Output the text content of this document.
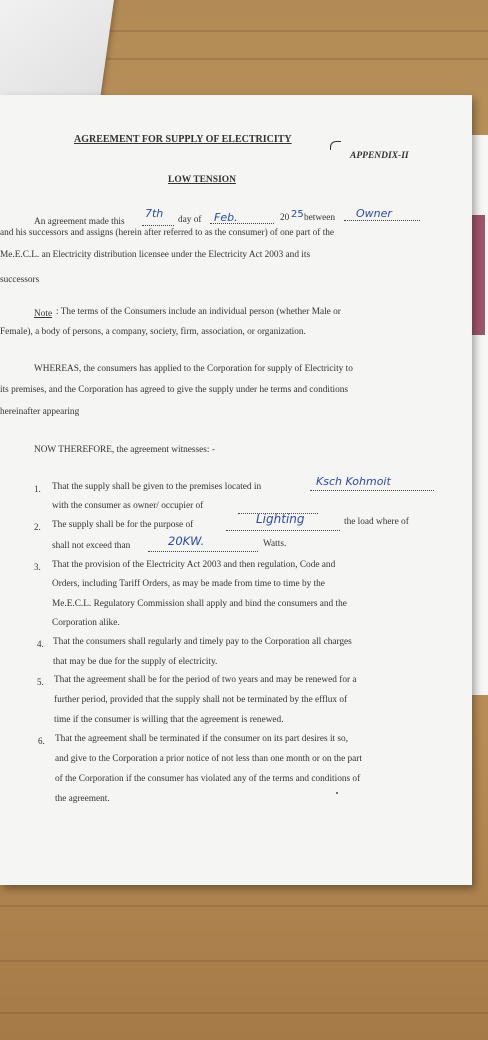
AGREEMENT FOR SUPPLY OF ELECTRICITY
APPENDIX-II
LOW TENSION
An agreement made this
7th day of Feb.	20 25 between Owner
and his successors and assigns (herein after referred to as the consumer) of one part of the
Me.E.C.L. an Electricity distribution licensee under the Electricity Act 2003 and its
successors
Note : The terms of the Consumers include an individual person (whether Male or
Female), a body of persons, a company, society, firm, association, or organization.
WHEREAS, the consumers has applied to the Corporation for supply of Electricity to
its premises, and the Corporation has agreed to give the supply under he terms and conditions
hereinafter appearing
NOW THEREFORE, the agreement witnesses: -
1. That the supply shall be given to the premises located in	Ksch Kohmoit
with the consumer as owner/ occupier of
2. The supply shall be for the purpose of	Lighting	the load where of
shall not exceed than	20KW.	Watts.
3. That the provision of the Electricity Act 2003 and then regulation, Code and
Orders, including Tariff Orders, as may be made from time to time by the
Me.E.C.L. Regulatory Commission shall apply and bind the consumers and the
Corporation alike.
4. That the consumers shall regularly and timely pay to the Corporation all charges
that may be due for the supply of electricity.
5. That the agreement shall be for the period of two years and may be renewed for a
further period, provided that the supply shall not be terminated by the efflux of
time if the consumer is willing that the agreement is renewed.
6. That the agreement shall be terminated if the consumer on its part desires it so,
and give to the Corporation a prior notice of not less than one month or on the part
of the Corporation if the consumer has violated any of the terms and conditions of
the agreement.
